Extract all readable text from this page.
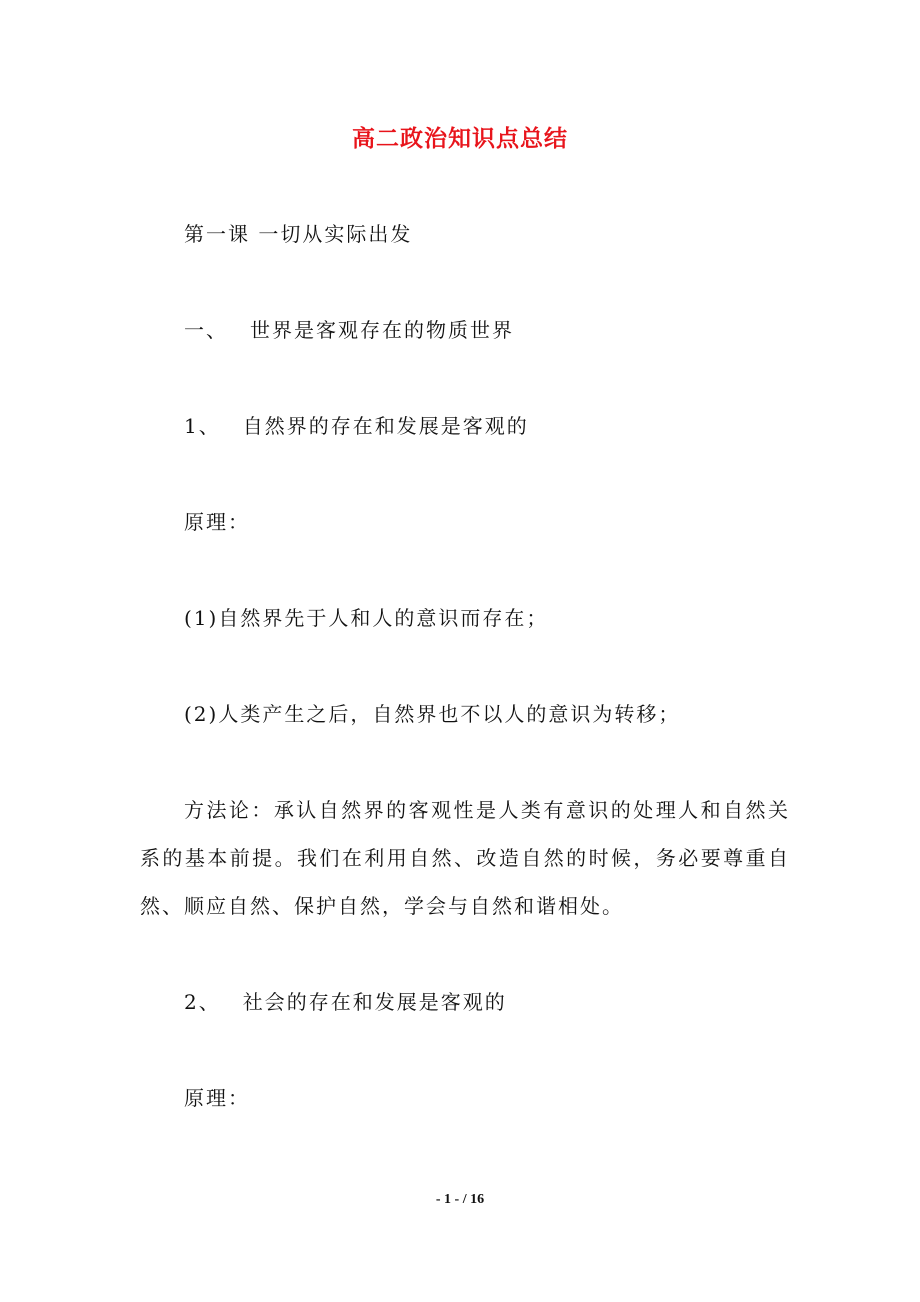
高二政治知识点总结
第一课 一切从实际出发
一、 世界是客观存在的物质世界
1、 自然界的存在和发展是客观的
原理：
(1)自然界先于人和人的意识而存在；
(2)人类产生之后，自然界也不以人的意识为转移；
方法论：承认自然界的客观性是人类有意识的处理人和自然关系的基本前提。我们在利用自然、改造自然的时候，务必要尊重自然、顺应自然、保护自然，学会与自然和谐相处。
2、 社会的存在和发展是客观的
原理：
- 1 - / 16
